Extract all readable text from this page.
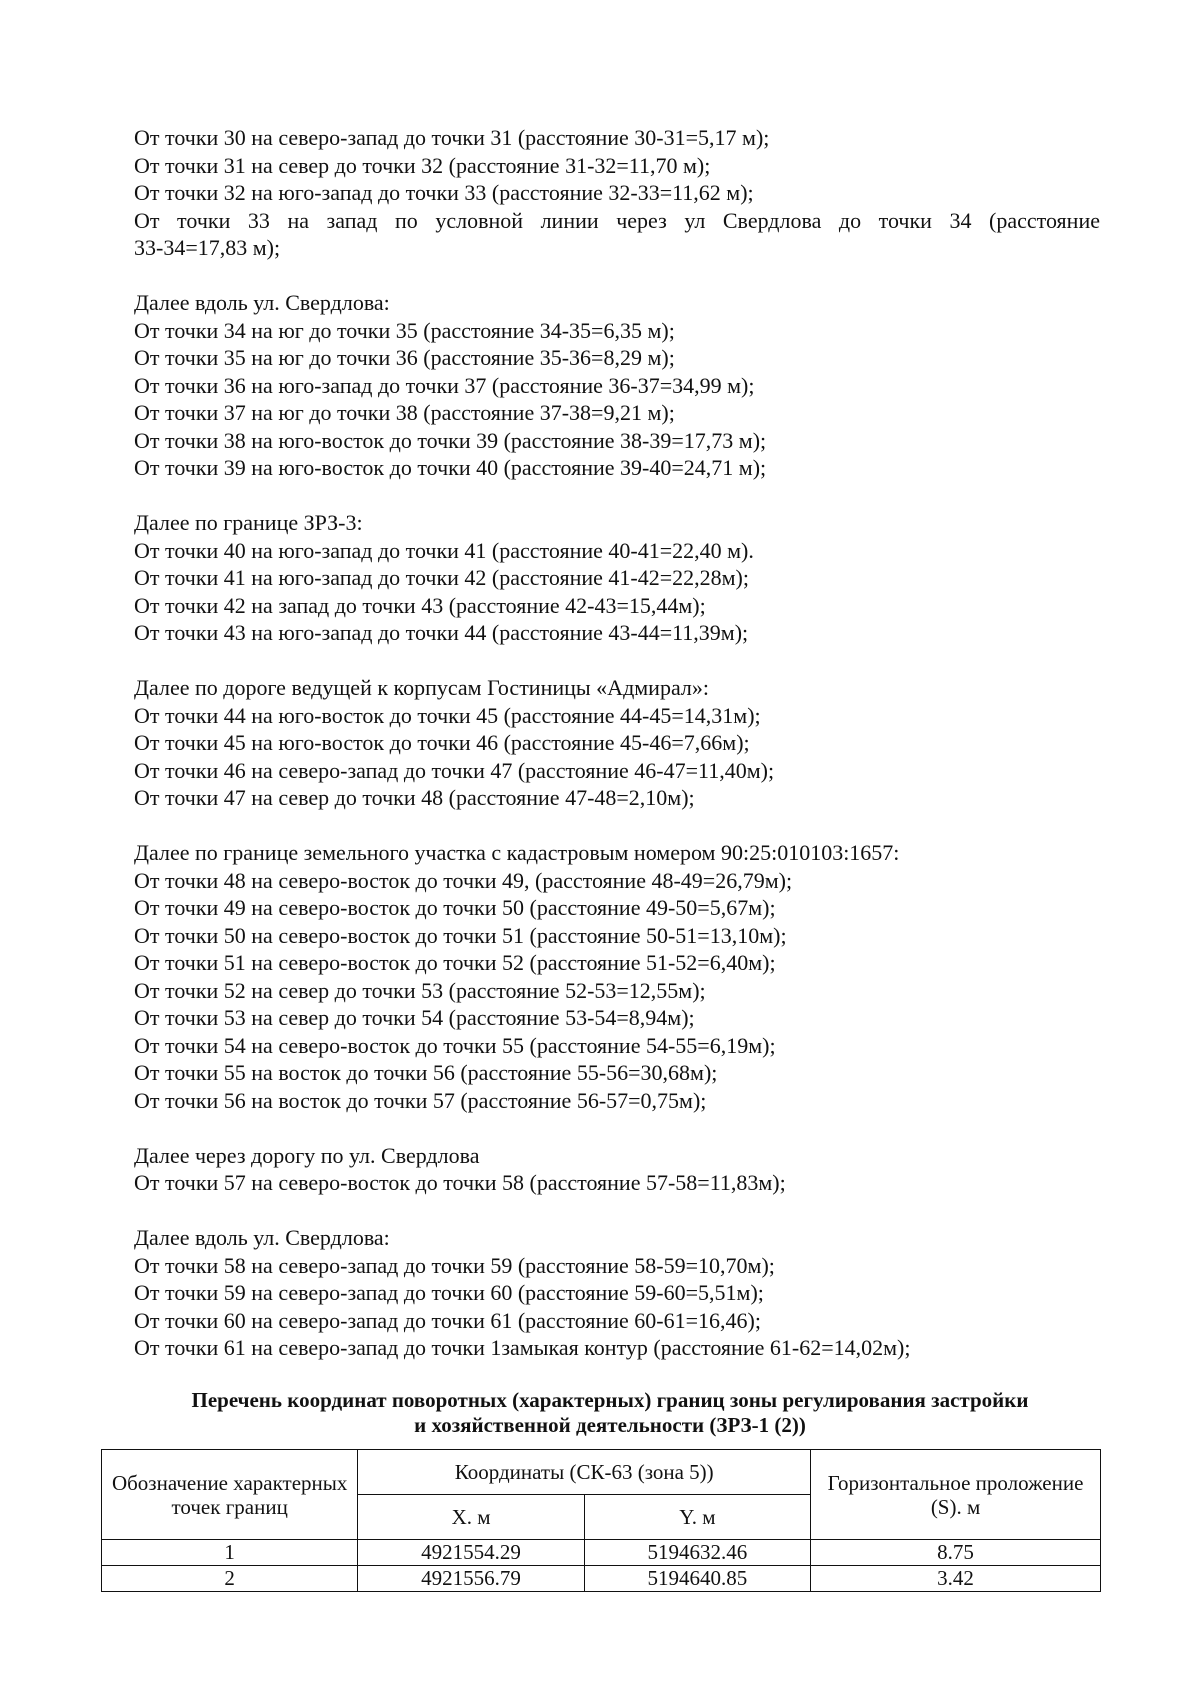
От точки 30 на северо-запад до точки 31 (расстояние 30-31=5,17 м);
От точки 31 на север до точки 32 (расстояние 31-32=11,70 м);
От точки 32 на юго-запад до точки 33 (расстояние 32-33=11,62 м);
От точки 33 на запад по условной линии через ул Свердлова до точки 34 (расстояние
33-34=17,83 м);
Далее вдоль ул. Свердлова:
От точки 34 на юг до точки 35 (расстояние 34-35=6,35 м);
От точки 35 на юг до точки 36 (расстояние 35-36=8,29 м);
От точки 36 на юго-запад до точки 37 (расстояние 36-37=34,99 м);
От точки 37 на юг до точки 38 (расстояние 37-38=9,21 м);
От точки 38 на юго-восток до точки 39 (расстояние 38-39=17,73 м);
От точки 39 на юго-восток до точки 40 (расстояние 39-40=24,71 м);
Далее по границе ЗРЗ-3:
От точки 40 на юго-запад до точки 41 (расстояние 40-41=22,40 м).
От точки 41 на юго-запад до точки 42 (расстояние 41-42=22,28м);
От точки 42 на запад до точки 43 (расстояние 42-43=15,44м);
От точки 43 на юго-запад до точки 44 (расстояние 43-44=11,39м);
Далее по дороге ведущей к корпусам Гостиницы «Адмирал»:
От точки 44 на юго-восток до точки 45 (расстояние 44-45=14,31м);
От точки 45 на юго-восток до точки 46 (расстояние 45-46=7,66м);
От точки 46 на северо-запад до точки 47 (расстояние 46-47=11,40м);
От точки 47 на север до точки 48 (расстояние 47-48=2,10м);
Далее по границе земельного участка с кадастровым номером 90:25:010103:1657:
От точки 48 на северо-восток до точки 49, (расстояние 48-49=26,79м);
От точки 49 на северо-восток до точки 50 (расстояние 49-50=5,67м);
От точки 50 на северо-восток до точки 51 (расстояние 50-51=13,10м);
От точки 51 на северо-восток до точки 52 (расстояние 51-52=6,40м);
От точки 52 на север до точки 53 (расстояние 52-53=12,55м);
От точки 53 на север до точки 54 (расстояние 53-54=8,94м);
От точки 54 на северо-восток до точки 55 (расстояние 54-55=6,19м);
От точки 55 на восток до точки 56 (расстояние 55-56=30,68м);
От точки 56 на восток до точки 57 (расстояние 56-57=0,75м);
Далее через дорогу по ул. Свердлова
От точки 57 на северо-восток до точки 58 (расстояние 57-58=11,83м);
Далее вдоль ул. Свердлова:
От точки 58 на северо-запад до точки 59 (расстояние 58-59=10,70м);
От точки 59 на северо-запад до точки 60 (расстояние 59-60=5,51м);
От точки 60 на северо-запад до точки 61 (расстояние 60-61=16,46);
От точки 61 на северо-запад до точки 1замыкая контур (расстояние 61-62=14,02м);
Перечень координат поворотных (характерных) границ зоны регулирования застройки
и хозяйственной деятельности (ЗРЗ-1 (2))
Обозначение характерных точек границ	Координаты (СК-63 (зона 5))		Горизонтальное проложение (S). м
	X. м	Y. м	
1	4921554.29	5194632.46	8.75
2	4921556.79	5194640.85	3.42
